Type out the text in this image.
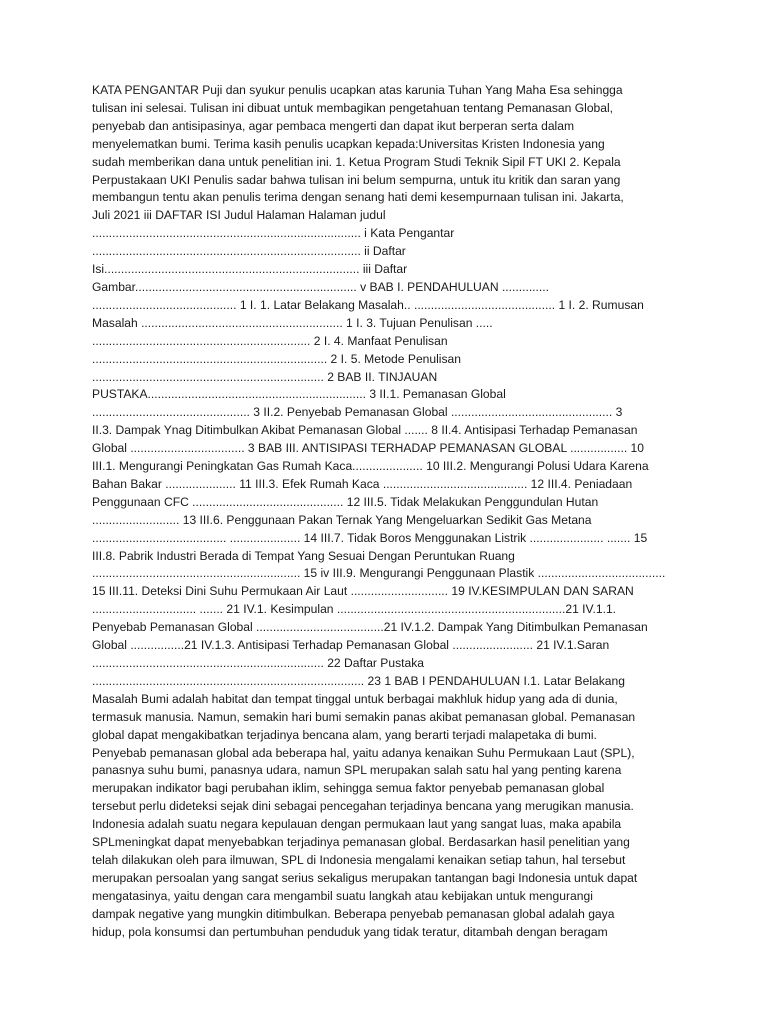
KATA PENGANTAR Puji dan syukur penulis ucapkan atas karunia Tuhan Yang Maha Esa sehingga
tulisan ini selesai. Tulisan ini dibuat untuk membagikan pengetahuan tentang Pemanasan Global,
penyebab dan antisipasinya, agar pembaca mengerti dan dapat ikut berperan serta dalam
menyelematkan bumi. Terima kasih penulis ucapkan kepada:Universitas Kristen Indonesia yang
sudah memberikan dana untuk penelitian ini. 1. Ketua Program Studi Teknik Sipil FT UKI 2. Kepala
Perpustakaan UKI Penulis sadar bahwa tulisan ini belum sempurna, untuk itu kritik dan saran yang
membangun tentu akan penulis terima dengan senang hati demi kesempurnaan tulisan ini. Jakarta,
Juli 2021 iii DAFTAR ISI Judul Halaman Halaman judul
................................................................................ i Kata Pengantar
................................................................................ ii Daftar
Isi............................................................................ iii Daftar
Gambar.................................................................. v BAB I. PENDAHULUAN ..............
........................................... 1 I. 1. Latar Belakang Masalah.. .......................................... 1 I. 2. Rumusan
Masalah ............................................................ 1 I. 3. Tujuan Penulisan .....
................................................................. 2 I. 4. Manfaat Penulisan
...................................................................... 2 I. 5. Metode Penulisan
..................................................................... 2 BAB II. TINJAUAN
PUSTAKA................................................................. 3 II.1. Pemanasan Global
............................................... 3 II.2. Penyebab Pemanasan Global ................................................ 3
II.3. Dampak Ynag Ditimbulkan Akibat Pemanasan Global ....... 8 II.4. Antisipasi Terhadap Pemanasan
Global .................................. 3 BAB III. ANTISIPASI TERHADAP PEMANASAN GLOBAL ................. 10
III.1. Mengurangi Peningkatan Gas Rumah Kaca..................... 10 III.2. Mengurangi Polusi Udara Karena
Bahan Bakar ..................... 11 III.3. Efek Rumah Kaca ........................................... 12 III.4. Peniadaan
Penggunaan CFC ............................................. 12 III.5. Tidak Melakukan Penggundulan Hutan
.......................... 13 III.6. Penggunaan Pakan Ternak Yang Mengeluarkan Sedikit Gas Metana
........................................ ..................... 14 III.7. Tidak Boros Menggunakan Listrik ...................... ....... 15
III.8. Pabrik Industri Berada di Tempat Yang Sesuai Dengan Peruntukan Ruang
.............................................................. 15 iv III.9. Mengurangi Penggunaan Plastik ......................................
15 III.11. Deteksi Dini Suhu Permukaan Air Laut ............................. 19 IV.KESIMPULAN DAN SARAN
............................... ....... 21 IV.1. Kesimpulan ....................................................................21 IV.1.1.
Penyebab Pemanasan Global ......................................21 IV.1.2. Dampak Yang Ditimbulkan Pemanasan
Global ................21 IV.1.3. Antisipasi Terhadap Pemanasan Global ........................ 21 IV.1.Saran
..................................................................... 22 Daftar Pustaka
................................................................................. 23 1 BAB I PENDAHULUAN I.1. Latar Belakang
Masalah Bumi adalah habitat dan tempat tinggal untuk berbagai makhluk hidup yang ada di dunia,
termasuk manusia. Namun, semakin hari bumi semakin panas akibat pemanasan global. Pemanasan
global dapat mengakibatkan terjadinya bencana alam, yang berarti terjadi malapetaka di bumi.
Penyebab pemanasan global ada beberapa hal, yaitu adanya kenaikan Suhu Permukaan Laut (SPL),
panasnya suhu bumi, panasnya udara, namun SPL merupakan salah satu hal yang penting karena
merupakan indikator bagi perubahan iklim, sehingga semua faktor penyebab pemanasan global
tersebut perlu dideteksi sejak dini sebagai pencegahan terjadinya bencana yang merugikan manusia.
Indonesia adalah suatu negara kepulauan dengan permukaan laut yang sangat luas, maka apabila
SPLmeningkat dapat menyebabkan terjadinya pemanasan global. Berdasarkan hasil penelitian yang
telah dilakukan oleh para ilmuwan, SPL di Indonesia mengalami kenaikan setiap tahun, hal tersebut
merupakan persoalan yang sangat serius sekaligus merupakan tantangan bagi Indonesia untuk dapat
mengatasinya, yaitu dengan cara mengambil suatu langkah atau kebijakan untuk mengurangi
dampak negative yang mungkin ditimbulkan. Beberapa penyebab pemanasan global adalah gaya
hidup, pola konsumsi dan pertumbuhan penduduk yang tidak teratur, ditambah dengan beragam
